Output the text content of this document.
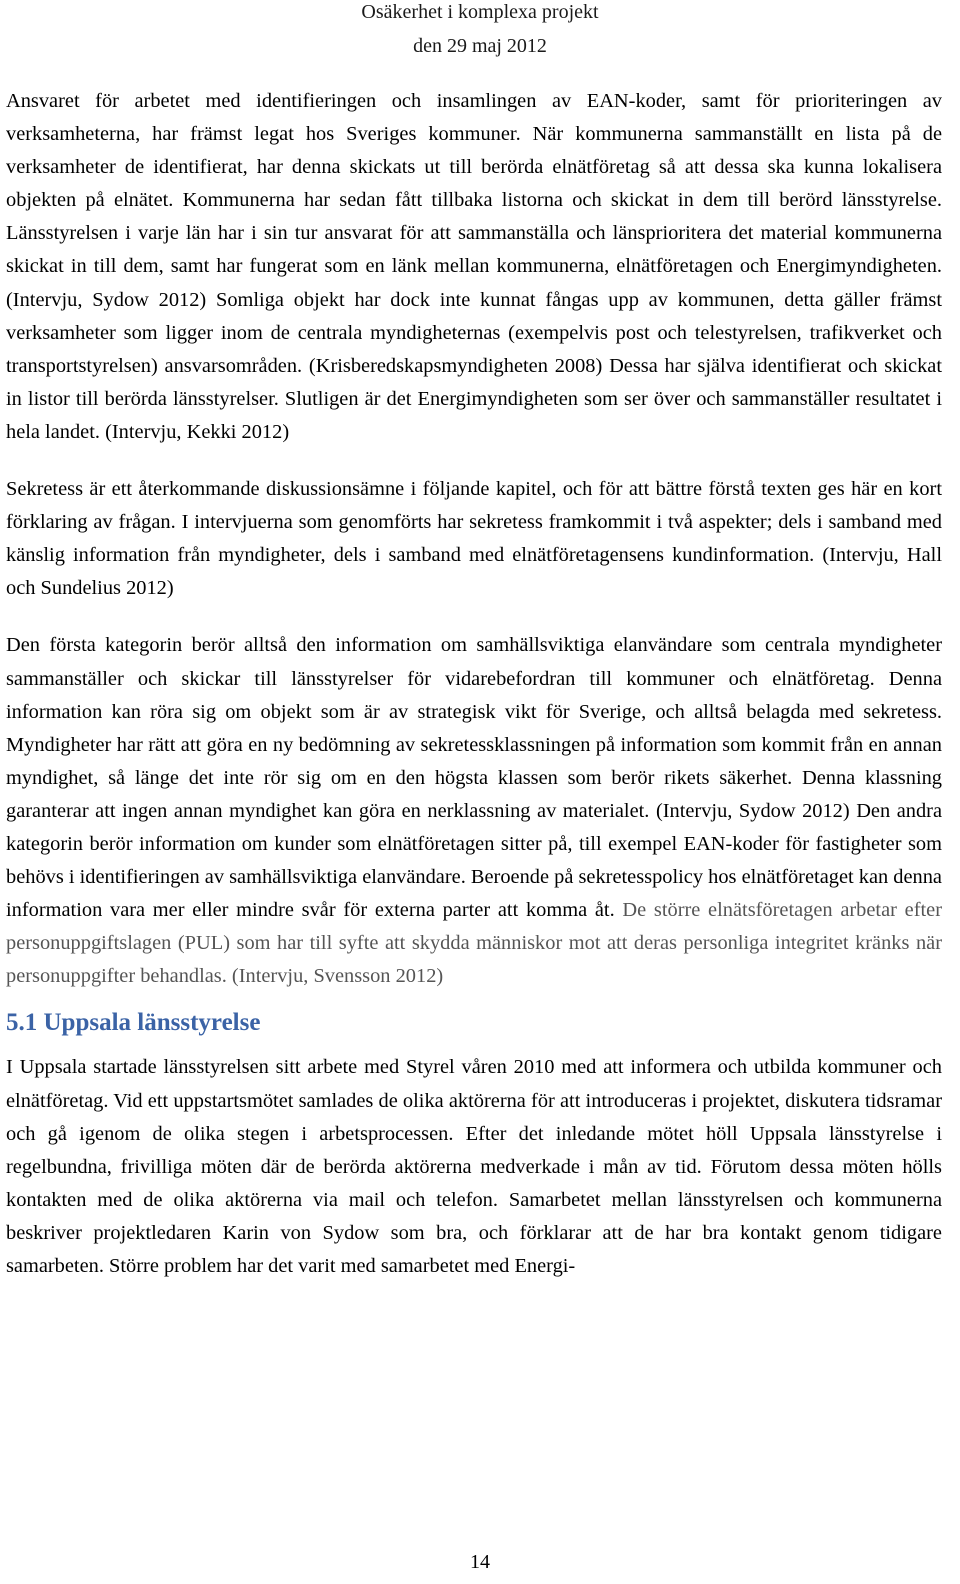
Osäkerhet i komplexa projekt
den 29 maj 2012

Ansvaret för arbetet med identifieringen och insamlingen av EAN-koder, samt för prioriteringen av verksamheterna, har främst legat hos Sveriges kommuner. När kommunerna sammanställt en lista på de verksamheter de identifierat, har denna skickats ut till berörda elnätföretag så att dessa ska kunna lokalisera objekten på elnätet. Kommunerna har sedan fått tillbaka listorna och skickat in dem till berörd länsstyrelse. Länsstyrelsen i varje län har i sin tur ansvarat för att sammanställa och länsprioritera det material kommunerna skickat in till dem, samt har fungerat som en länk mellan kommunerna, elnätföretagen och Energimyndigheten. (Intervju, Sydow 2012) Somliga objekt har dock inte kunnat fångas upp av kommunen, detta gäller främst verksamheter som ligger inom de centrala myndigheternas (exempelvis post och telestyrelsen, trafikverket och transportstyrelsen) ansvarsområden. (Krisberedskapsmyndigheten 2008) Dessa har själva identifierat och skickat in listor till berörda länsstyrelser. Slutligen är det Energimyndigheten som ser över och sammanställer resultatet i hela landet. (Intervju, Kekki 2012)

Sekretess är ett återkommande diskussionsämne i följande kapitel, och för att bättre förstå texten ges här en kort förklaring av frågan. I intervjuerna som genomförts har sekretess framkommit i två aspekter; dels i samband med känslig information från myndigheter, dels i samband med elnätföretagensens kundinformation. (Intervju, Hall och Sundelius 2012)

Den första kategorin berör alltså den information om samhällsviktiga elanvändare som centrala myndigheter sammanställer och skickar till länsstyrelser för vidarebefordran till kommuner och elnätföretag. Denna information kan röra sig om objekt som är av strategisk vikt för Sverige, och alltså belagda med sekretess. Myndigheter har rätt att göra en ny bedömning av sekretessklassningen på information som kommit från en annan myndighet, så länge det inte rör sig om en den högsta klassen som berör rikets säkerhet. Denna klassning garanterar att ingen annan myndighet kan göra en nerklassning av materialet. (Intervju, Sydow 2012) Den andra kategorin berör information om kunder som elnätföretagen sitter på, till exempel EAN-koder för fastigheter som behövs i identifieringen av samhällsviktiga elanvändare. Beroende på sekretesspolicy hos elnätföretaget kan denna information vara mer eller mindre svår för externa parter att komma åt. De större elnätsföretagen arbetar efter personuppgiftslagen (PUL) som har till syfte att skydda människor mot att deras personliga integritet kränks när personuppgifter behandlas. (Intervju, Svensson 2012)

5.1 Uppsala länsstyrelse

I Uppsala startade länsstyrelsen sitt arbete med Styrel våren 2010 med att informera och utbilda kommuner och elnätföretag. Vid ett uppstartsmötet samlades de olika aktörerna för att introduceras i projektet, diskutera tidsramar och gå igenom de olika stegen i arbetsprocessen. Efter det inledande mötet höll Uppsala länsstyrelse i regelbundna, frivilliga möten där de berörda aktörerna medverkade i mån av tid. Förutom dessa möten hölls kontakten med de olika aktörerna via mail och telefon. Samarbetet mellan länsstyrelsen och kommunerna beskriver projektledaren Karin von Sydow som bra, och förklarar att de har bra kontakt genom tidigare samarbeten. Större problem har det varit med samarbetet med Energi-

14
